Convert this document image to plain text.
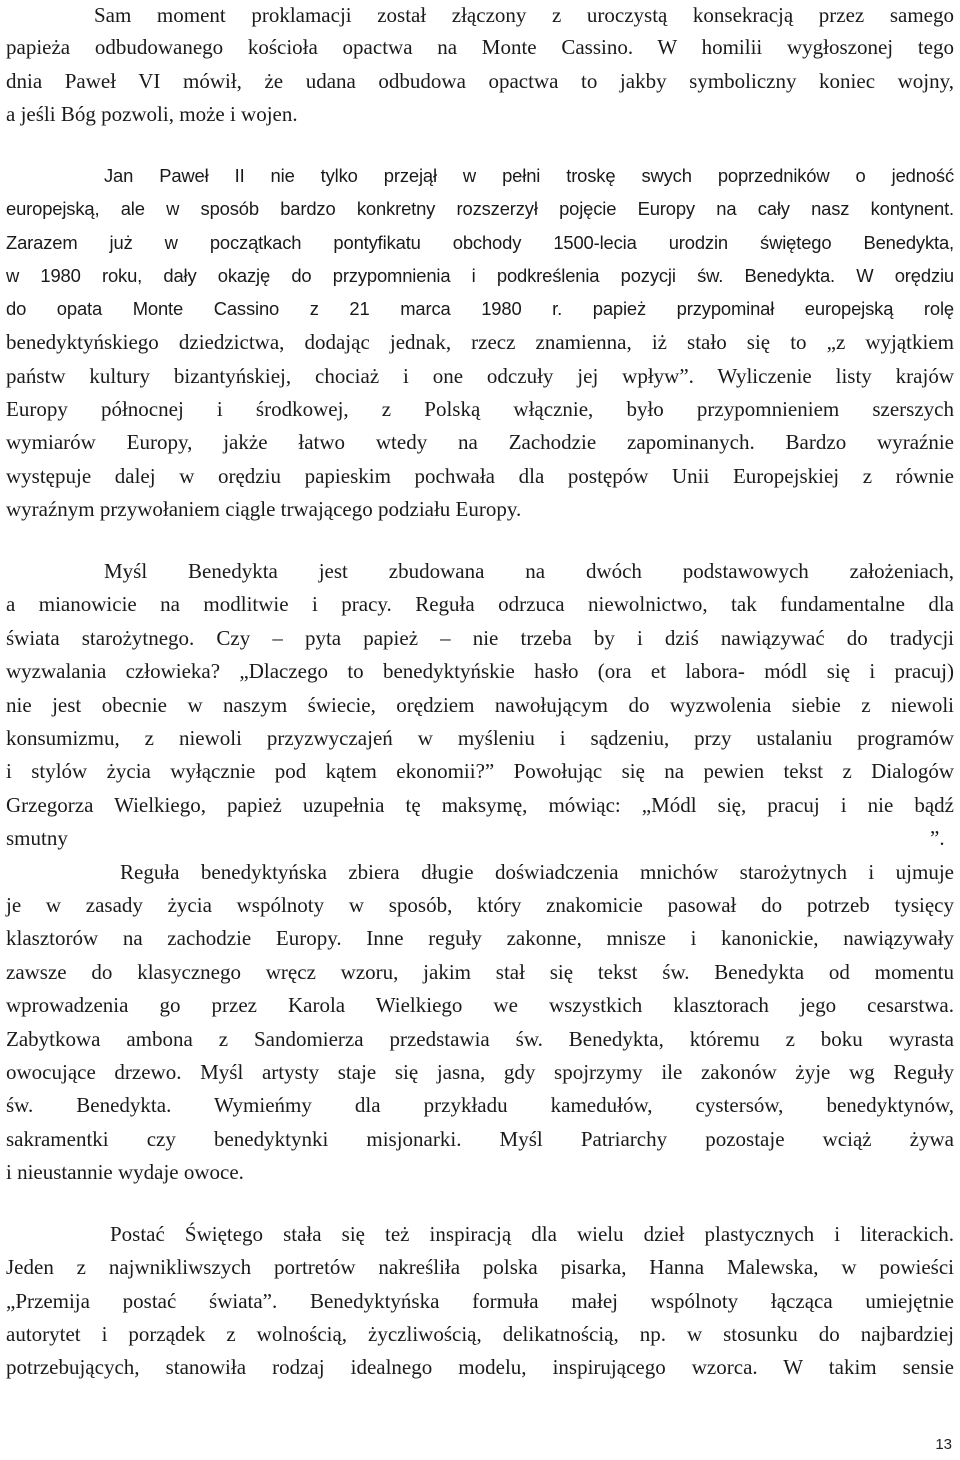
Sam moment proklamacji został złączony z uroczystą konsekracją przez samego
papieża odbudowanego kościoła opactwa na Monte Cassino. W homilii wygłoszonej tego
dnia Paweł VI mówił, że udana odbudowa opactwa to jakby symboliczny koniec wojny,
a jeśli Bóg pozwoli, może i wojen.
Jan Paweł II nie tylko przejął w pełni troskę swych poprzedników o jedność
europejską, ale w sposób bardzo konkretny rozszerzył pojęcie Europy na cały nasz kontynent.
Zarazem już w początkach pontyfikatu obchody 1500-lecia urodzin świętego Benedykta,
w 1980 roku, dały okazję do przypomnienia i podkreślenia pozycji św. Benedykta. W orędziu
do opata Monte Cassino z 21 marca 1980 r. papież przypominał europejską rolę
benedyktyńskiego dziedzictwa, dodając jednak, rzecz znamienna, iż stało się to „z wyjątkiem
państw kultury bizantyńskiej, chociaż i one odczuły jej wpływ”. Wyliczenie listy krajów
Europy północnej i środkowej, z Polską włącznie, było przypomnieniem szerszych
wymiarów Europy, jakże łatwo wtedy na Zachodzie zapominanych. Bardzo wyraźnie
występuje dalej w orędziu papieskim pochwała dla postępów Unii Europejskiej z równie
wyraźnym przywołaniem ciągle trwającego podziału Europy.
Myśl Benedykta jest zbudowana na dwóch podstawowych założeniach,
a mianowicie na modlitwie i pracy. Reguła odrzuca niewolnictwo, tak fundamentalne dla
świata starożytnego. Czy – pyta papież – nie trzeba by i dziś nawiązywać do tradycji
wyzwalania człowieka? „Dlaczego to benedyktyńskie hasło (ora et labora- módl się i pracuj)
nie jest obecnie w naszym świecie, orędziem nawołującym do wyzwolenia siebie z niewoli
konsumizmu, z niewoli przyzwyczajeń w myśleniu i sądzeniu, przy ustalaniu programów
i stylów życia wyłącznie pod kątem ekonomii?” Powołując się na pewien tekst z Dialogów
Grzegorza Wielkiego, papież uzupełnia tę maksymę, mówiąc: „Módl się, pracuj i nie bądź
smutny	”.
Reguła benedyktyńska zbiera długie doświadczenia mnichów starożytnych i ujmuje
je w zasady życia wspólnoty w sposób, który znakomicie pasował do potrzeb tysięcy
klasztorów na zachodzie Europy. Inne reguły zakonne, mnisze i kanonickie, nawiązywały
zawsze do klasycznego wręcz wzoru, jakim stał się tekst św. Benedykta od momentu
wprowadzenia go przez Karola Wielkiego we wszystkich klasztorach jego cesarstwa.
Zabytkowa ambona z Sandomierza przedstawia św. Benedykta, któremu z boku wyrasta
owocujące drzewo. Myśl artysty staje się jasna, gdy spojrzymy ile zakonów żyje wg Reguły
św. Benedykta. Wymieńmy dla przykładu kamedułów, cystersów, benedyktynów,
sakramentki czy benedyktynki misjonarki. Myśl Patriarchy pozostaje wciąż żywa
i nieustannie wydaje owoce.
Postać Świętego stała się też inspiracją dla wielu dzieł plastycznych i literackich.
Jeden z najwnikliwszych portretów nakreśliła polska pisarka, Hanna Malewska, w powieści
„Przemija postać świata”. Benedyktyńska formuła małej wspólnoty łącząca umiejętnie
autorytet i porządek z wolnością, życzliwością, delikatnością, np. w stosunku do najbardziej
potrzebujących, stanowiła rodzaj idealnego modelu, inspirującego wzorca. W takim sensie
13
